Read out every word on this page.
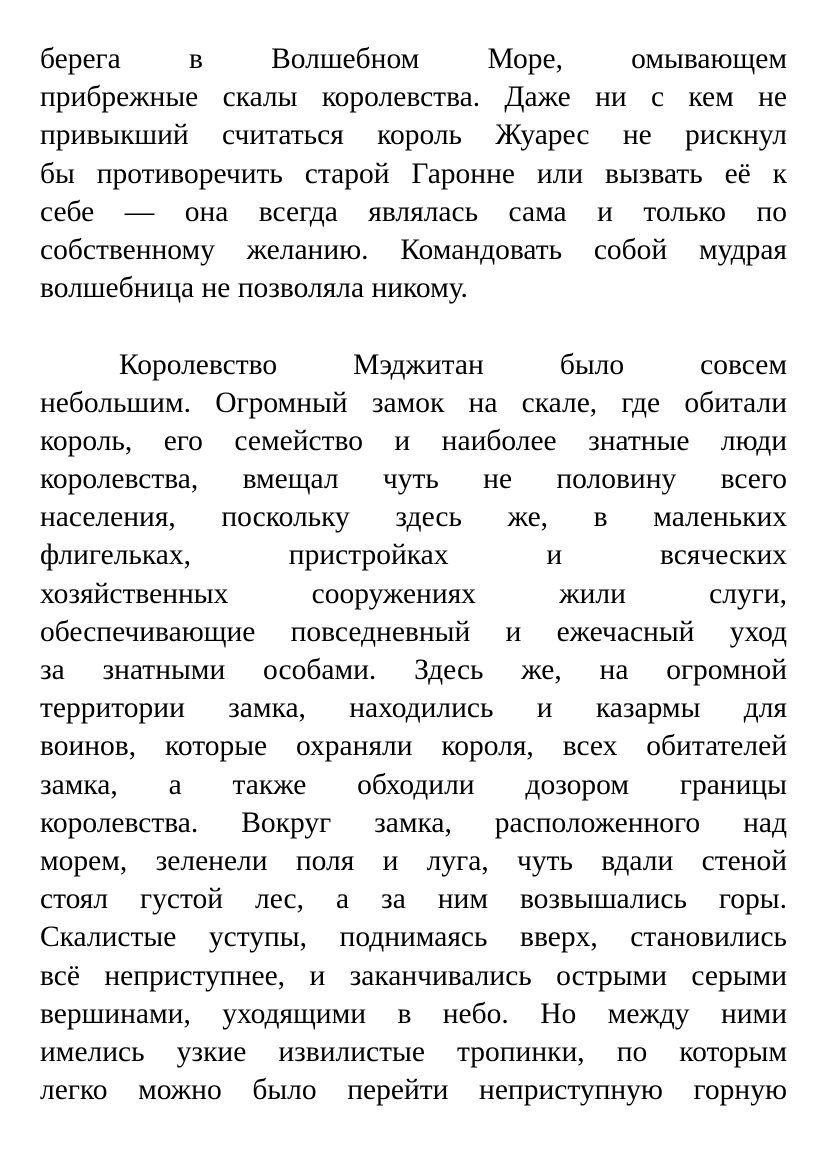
берега в Волшебном Море, омывающем
прибрежные скалы королевства. Даже ни с кем не
привыкший считаться король Жуарес не рискнул
бы противоречить старой Гаронне или вызвать её к
себе — она всегда являлась сама и только по
собственному желанию. Командовать собой мудрая
волшебница не позволяла никому.
Королевство Мэджитан было совсем
небольшим. Огромный замок на скале, где обитали
король, его семейство и наиболее знатные люди
королевства, вмещал чуть не половину всего
населения, поскольку здесь же, в маленьких
флигельках, пристройках и всяческих
хозяйственных сооружениях жили слуги,
обеспечивающие повседневный и ежечасный уход
за знатными особами. Здесь же, на огромной
территории замка, находились и казармы для
воинов, которые охраняли короля, всех обитателей
замка, а также обходили дозором границы
королевства. Вокруг замка, расположенного над
морем, зеленели поля и луга, чуть вдали стеной
стоял густой лес, а за ним возвышались горы.
Скалистые уступы, поднимаясь вверх, становились
всё неприступнее, и заканчивались острыми серыми
вершинами, уходящими в небо. Но между ними
имелись узкие извилистые тропинки, по которым
легко можно было перейти неприступную горную
